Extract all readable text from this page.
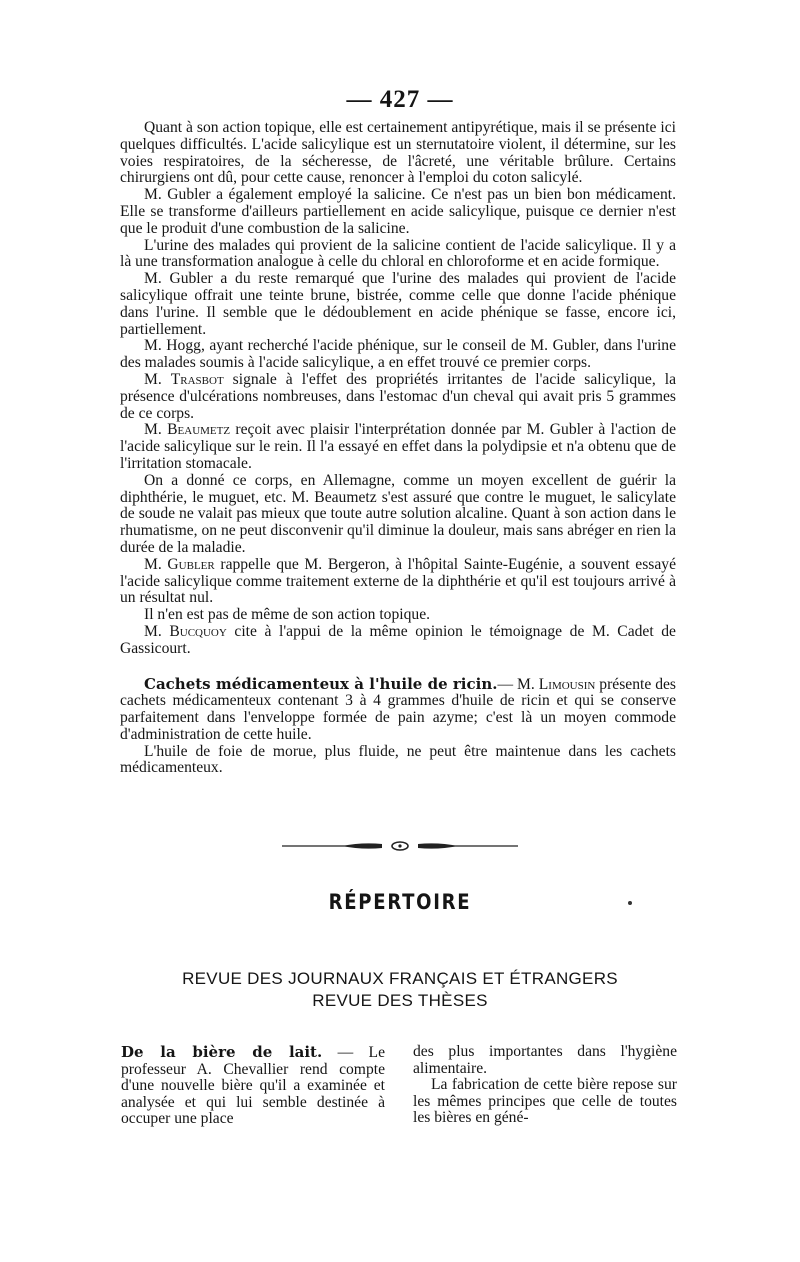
— 427 —

Quant à son action topique, elle est certainement antipyrétique, mais il se présente ici quelques difficultés. L'acide salicylique est un sternutatoire violent, il détermine, sur les voies respiratoires, de la sécheresse, de l'âcreté, une véritable brûlure. Certains chirurgiens ont dû, pour cette cause, renoncer à l'emploi du coton salicylé.

M. Gubler a également employé la salicine. Ce n'est pas un bien bon médicament. Elle se transforme d'ailleurs partiellement en acide salicylique, puisque ce dernier n'est que le produit d'une combustion de la salicine.

L'urine des malades qui provient de la salicine contient de l'acide salicylique. Il y a là une transformation analogue à celle du chloral en chloroforme et en acide formique.

M. Gubler a du reste remarqué que l'urine des malades qui provient de l'acide salicylique offrait une teinte brune, bistrée, comme celle que donne l'acide phénique dans l'urine. Il semble que le dédoublement en acide phénique se fasse, encore ici, partiellement.

M. Hogg, ayant recherché l'acide phénique, sur le conseil de M. Gubler, dans l'urine des malades soumis à l'acide salicylique, a en effet trouvé ce premier corps.

M. Trasbot signale à l'effet des propriétés irritantes de l'acide salicylique, la présence d'ulcérations nombreuses, dans l'estomac d'un cheval qui avait pris 5 grammes de ce corps.

M. Beaumetz reçoit avec plaisir l'interprétation donnée par M. Gubler à l'action de l'acide salicylique sur le rein. Il l'a essayé en effet dans la polydipsie et n'a obtenu que de l'irritation stomacale.

On a donné ce corps, en Allemagne, comme un moyen excellent de guérir la diphthérie, le muguet, etc. M. Beaumetz s'est assuré que contre le muguet, le salicylate de soude ne valait pas mieux que toute autre solution alcaline. Quant à son action dans le rhumatisme, on ne peut disconvenir qu'il diminue la douleur, mais sans abréger en rien la durée de la maladie.

M. Gubler rappelle que M. Bergeron, à l'hôpital Sainte-Eugénie, a souvent essayé l'acide salicylique comme traitement externe de la diphthérie et qu'il est toujours arrivé à un résultat nul.

Il n'en est pas de même de son action topique.

M. Bucquoy cite à l'appui de la même opinion le témoignage de M. Cadet de Gassicourt.

Cachets médicamenteux à l'huile de ricin.— M. Limousin présente des cachets médicamenteux contenant 3 à 4 grammes d'huile de ricin et qui se conserve parfaitement dans l'enveloppe formée de pain azyme; c'est là un moyen commode d'administration de cette huile.

L'huile de foie de morue, plus fluide, ne peut être maintenue dans les cachets médicamenteux.

RÉPERTOIRE
REVUE DES JOURNAUX FRANÇAIS ET ÉTRANGERS
REVUE DES THÈSES

De la bière de lait. — Le professeur A. Chevallier rend compte d'une nouvelle bière qu'il a examinée et analysée et qui lui semble destinée à occuper une place

des plus importantes dans l'hygiène alimentaire.

La fabrication de cette bière repose sur les mêmes principes que celle de toutes les bières en géné-
